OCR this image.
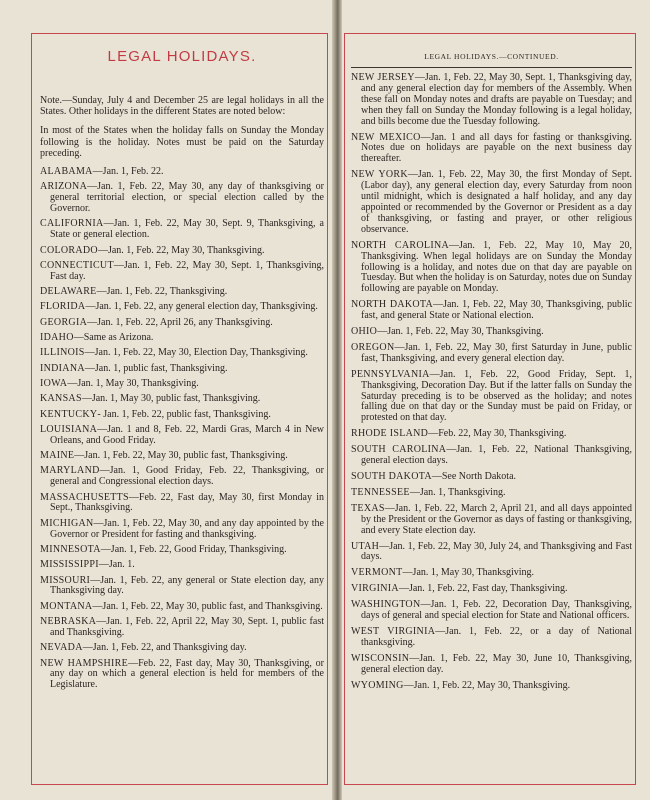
LEGAL HOLIDAYS.

Note.—Sunday, July 4 and December 25 are legal holidays in all the States. Other holidays in the different States are noted below:

In most of the States when the holiday falls on Sunday the Monday following is the holiday. Notes must be paid on the Saturday preceding.

ALABAMA—Jan. 1, Feb. 22.

ARIZONA—Jan. 1, Feb. 22, May 30, any day of thanksgiving or general territorial election, or special election called by the Governor.

CALIFORNIA—Jan. 1, Feb. 22, May 30, Sept. 9, Thanksgiving, a State or general election.

COLORADO—Jan. 1, Feb. 22, May 30, Thanksgiving.

CONNECTICUT—Jan. 1, Feb. 22, May 30, Sept. 1, Thanksgiving, Fast day.

DELAWARE—Jan. 1, Feb. 22, Thanksgiving.

FLORIDA—Jan. 1, Feb. 22, any general election day, Thanksgiving.

GEORGIA—Jan. 1, Feb. 22, April 26, any Thanksgiving.

IDAHO—Same as Arizona.

ILLINOIS—Jan. 1, Feb. 22, May 30, Election Day, Thanksgiving.

INDIANA—Jan. 1, public fast, Thanksgiving.

IOWA—Jan. 1, May 30, Thanksgiving.

KANSAS—Jan. 1, May 30, public fast, Thanksgiving.

KENTUCKY- Jan. 1, Feb. 22, public fast, Thanksgiving.

LOUISIANA—Jan. 1 and 8, Feb. 22, Mardi Gras, March 4 in New Orleans, and Good Friday.

MAINE—Jan. 1, Feb. 22, May 30, public fast, Thanksgiving.

MARYLAND—Jan. 1, Good Friday, Feb. 22, Thanksgiving, or general and Congressional election days.

MASSACHUSETTS—Feb. 22, Fast day, May 30, first Monday in Sept., Thanksgiving.

MICHIGAN—Jan. 1, Feb. 22, May 30, and any day appointed by the Governor or President for fasting and thanksgiving.

MINNESOTA—Jan. 1, Feb. 22, Good Friday, Thanksgiving.

MISSISSIPPI—Jan. 1.

MISSOURI—Jan. 1, Feb. 22, any general or State election day, any Thanksgiving day.

MONTANA—Jan. 1, Feb. 22, May 30, public fast, and Thanksgiving.

NEBRASKA—Jan. 1, Feb. 22, April 22, May 30, Sept. 1, public fast and Thanksgiving.

NEVADA—Jan. 1, Feb. 22, and Thanksgiving day.

NEW HAMPSHIRE—Feb. 22, Fast day, May 30, Thanksgiving, or any day on which a general election is held for members of the Legislature.

LEGAL HOLIDAYS.—CONTINUED.

NEW JERSEY—Jan. 1, Feb. 22, May 30, Sept. 1, Thanksgiving day, and any general election day for members of the Assembly. When these fall on Monday notes and drafts are payable on Tuesday; and when they fall on Sunday the Monday following is a legal holiday, and bills become due the Tuesday following.

NEW MEXICO—Jan. 1 and all days for fasting or thanksgiving. Notes due on holidays are payable on the next business day thereafter.

NEW YORK—Jan. 1, Feb. 22, May 30, the first Monday of Sept. (Labor day), any general election day, every Saturday from noon until midnight, which is designated a half holiday, and any day appointed or recommended by the Governor or President as a day of thanksgiving, or fasting and prayer, or other religious observance.

NORTH CAROLINA—Jan. 1, Feb. 22, May 10, May 20, Thanksgiving. When legal holidays are on Sunday the Monday following is a holiday, and notes due on that day are payable on Tuesday. But when the holiday is on Saturday, notes due on Sunday following are payable on Monday.

NORTH DAKOTA—Jan. 1, Feb. 22, May 30, Thanksgiving, public fast, and general State or National election.

OHIO—Jan. 1, Feb. 22, May 30, Thanksgiving.

OREGON—Jan. 1, Feb. 22, May 30, first Saturday in June, public fast, Thanksgiving, and every general election day.

PENNSYLVANIA—Jan. 1, Feb. 22, Good Friday, Sept. 1, Thanksgiving, Decoration Day. But if the latter falls on Sunday the Saturday preceding is to be observed as the holiday; and notes falling due on that day or the Sunday must be paid on Friday, or protested on that day.

RHODE ISLAND—Feb. 22, May 30, Thanksgiving.

SOUTH CAROLINA—Jan. 1, Feb. 22, National Thanksgiving, general election days.

SOUTH DAKOTA—See North Dakota.

TENNESSEE—Jan. 1, Thanksgiving.

TEXAS—Jan. 1, Feb. 22, March 2, April 21, and all days appointed by the President or the Governor as days of fasting or thanksgiving, and every State election day.

UTAH—Jan. 1, Feb. 22, May 30, July 24, and Thanksgiving and Fast days.

VERMONT—Jan. 1, May 30, Thanksgiving.

VIRGINIA—Jan. 1, Feb. 22, Fast day, Thanksgiving.

WASHINGTON—Jan. 1, Feb. 22, Decoration Day, Thanksgiving, days of general and special election for State and National officers.

WEST VIRGINIA—Jan. 1, Feb. 22, or a day of National thanksgiving.

WISCONSIN—Jan. 1, Feb. 22, May 30, June 10, Thanksgiving, general election day.

WYOMING—Jan. 1, Feb. 22, May 30, Thanksgiving.
